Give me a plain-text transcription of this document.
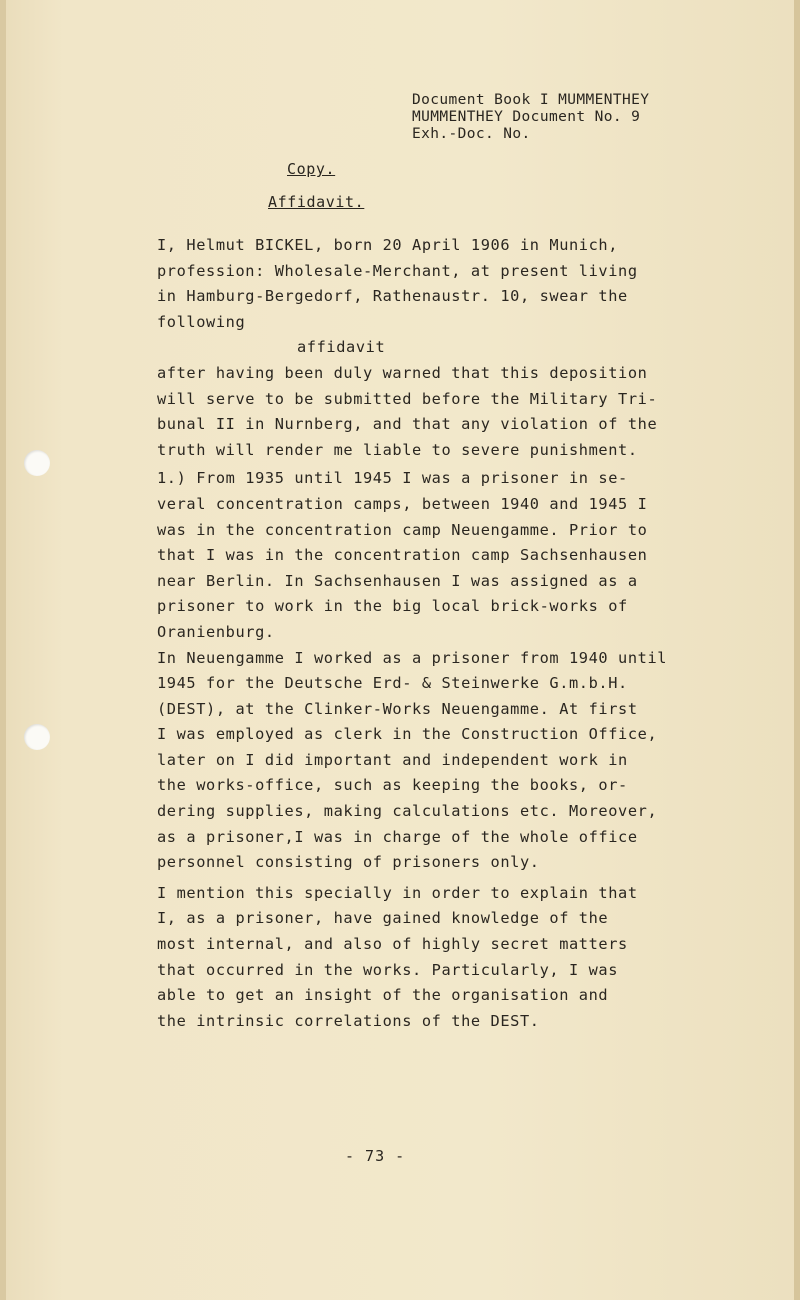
Document Book I MUMMENTHEY
MUMMENTHEY Document No. 9
Exh.-Doc. No.
Copy.
Affidavit.
I, Helmut BICKEL, born 20 April 1906 in Munich,
profession: Wholesale-Merchant, at present living
in Hamburg-Bergedorf, Rathenaustr. 10, swear the
following
affidavit
after having been duly warned that this deposition
will serve to be submitted before the Military Tri-
bunal II in Nurnberg, and that any violation of the
truth will render me liable to severe punishment.
1.) From 1935 until 1945 I was a prisoner in se-
veral concentration camps, between 1940 and 1945 I
was in the concentration camp Neuengamme. Prior to
that I was in the concentration camp Sachsenhausen
near Berlin. In Sachsenhausen I was assigned as a
prisoner to work in the big local brick-works of
Oranienburg.
In Neuengamme I worked as a prisoner from 1940 until
1945 for the Deutsche Erd- & Steinwerke G.m.b.H.
(DEST), at the Clinker-Works Neuengamme. At first
I was employed as clerk in the Construction Office,
later on I did important and independent work in
the works-office, such as keeping the books, or-
dering supplies, making calculations etc. Moreover,
as a prisoner,I was in charge of the whole office
personnel consisting of prisoners only.
I mention this specially in order to explain that
I, as a prisoner, have gained knowledge of the
most internal, and also of highly secret matters
that occurred in the works. Particularly, I was
able to get an insight of the organisation and
the intrinsic correlations of the DEST.
- 73 -
